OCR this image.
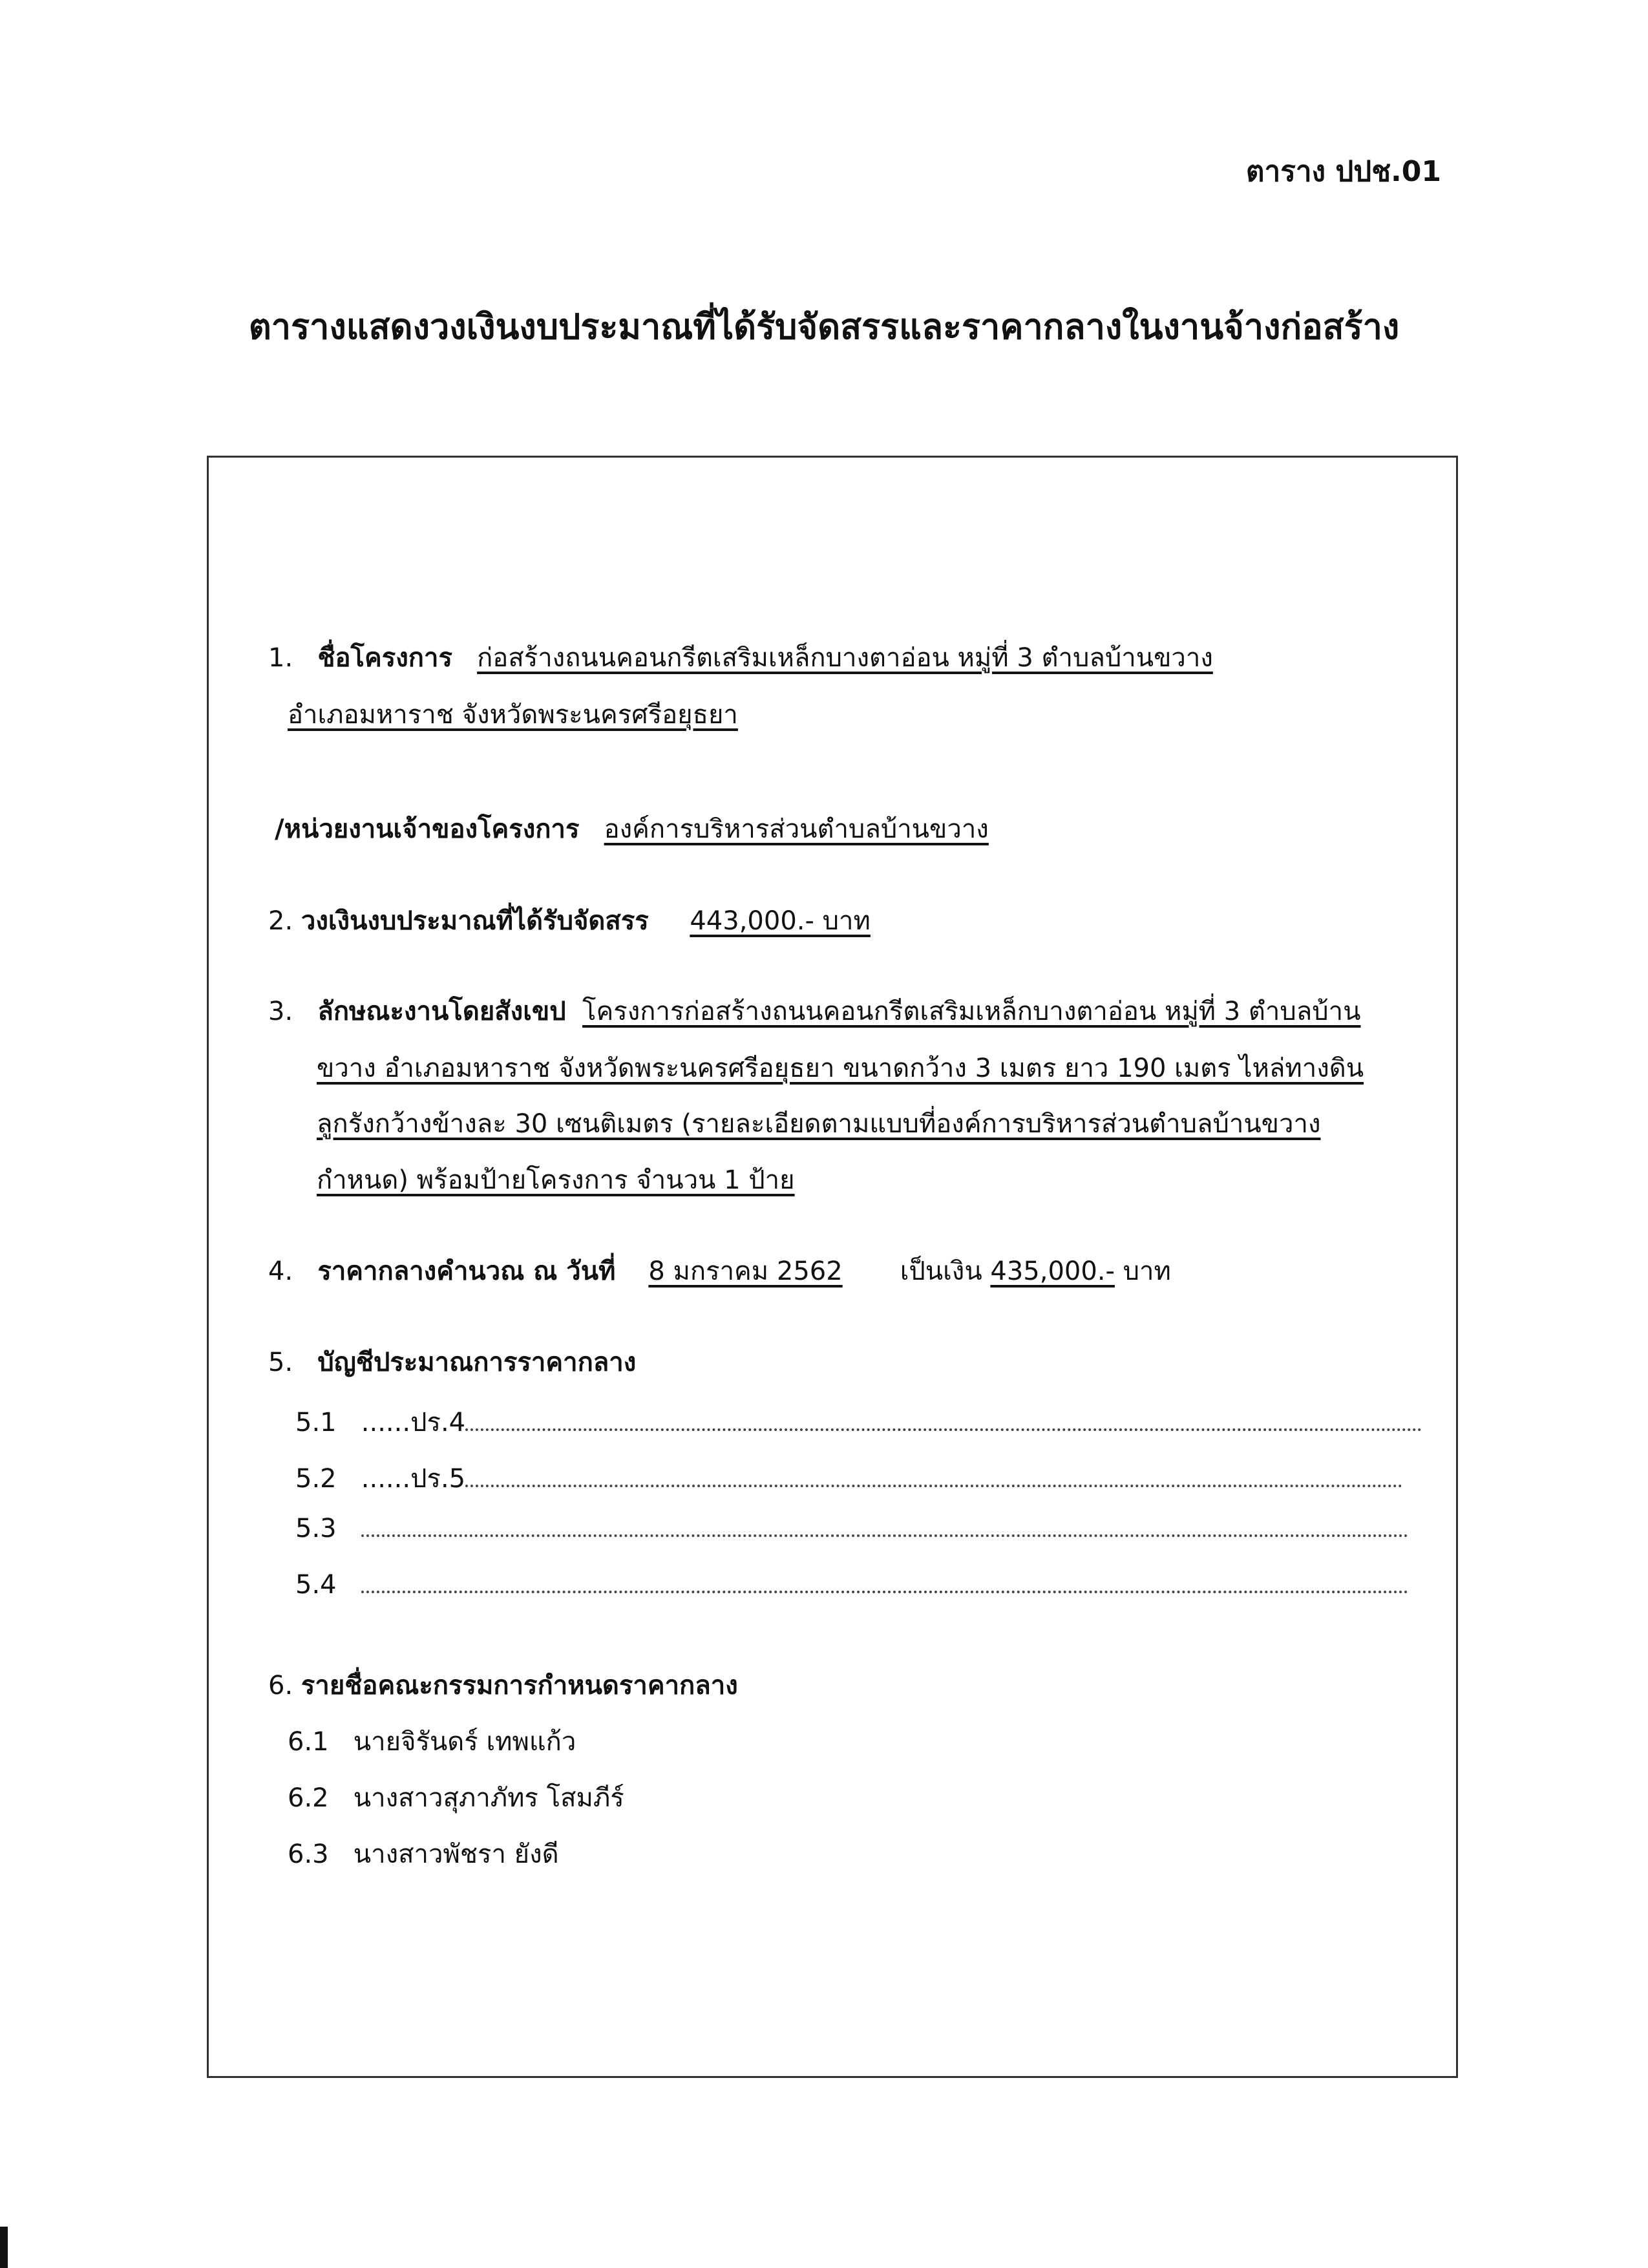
ตาราง ปปช.01
ตารางแสดงวงเงินงบประมาณที่ได้รับจัดสรรและราคากลางในงานจ้างก่อสร้าง
1. ชื่อโครงการ ก่อสร้างถนนคอนกรีตเสริมเหล็กบางตาอ่อน หมู่ที่ 3 ตำบลบ้านขวาง
อำเภอมหาราช จังหวัดพระนครศรีอยุธยา
/หน่วยงานเจ้าของโครงการ องค์การบริหารส่วนตำบลบ้านขวาง
2. วงเงินงบประมาณที่ได้รับจัดสรร 443,000.- บาท
3. ลักษณะงานโดยสังเขป โครงการก่อสร้างถนนคอนกรีตเสริมเหล็กบางตาอ่อน หมู่ที่ 3 ตำบลบ้าน
ขวาง อำเภอมหาราช จังหวัดพระนครศรีอยุธยา ขนาดกว้าง 3 เมตร ยาว 190 เมตร ไหล่ทางดิน
ลูกรังกว้างข้างละ 30 เซนติเมตร (รายละเอียดตามแบบที่องค์การบริหารส่วนตำบลบ้านขวาง
กำหนด) พร้อมป้ายโครงการ จำนวน 1 ป้าย
4. ราคากลางคำนวณ ณ วันที่ 8 มกราคม 2562 เป็นเงิน 435,000.- บาท
5. บัญชีประมาณการราคากลาง
5.1 ......ปร.4
5.2 ......ปร.5
5.3
5.4
6. รายชื่อคณะกรรมการกำหนดราคากลาง
6.1 นายจิรันดร์ เทพแก้ว
6.2 นางสาวสุภาภัทร โสมภีร์
6.3 นางสาวพัชรา ยังดี
